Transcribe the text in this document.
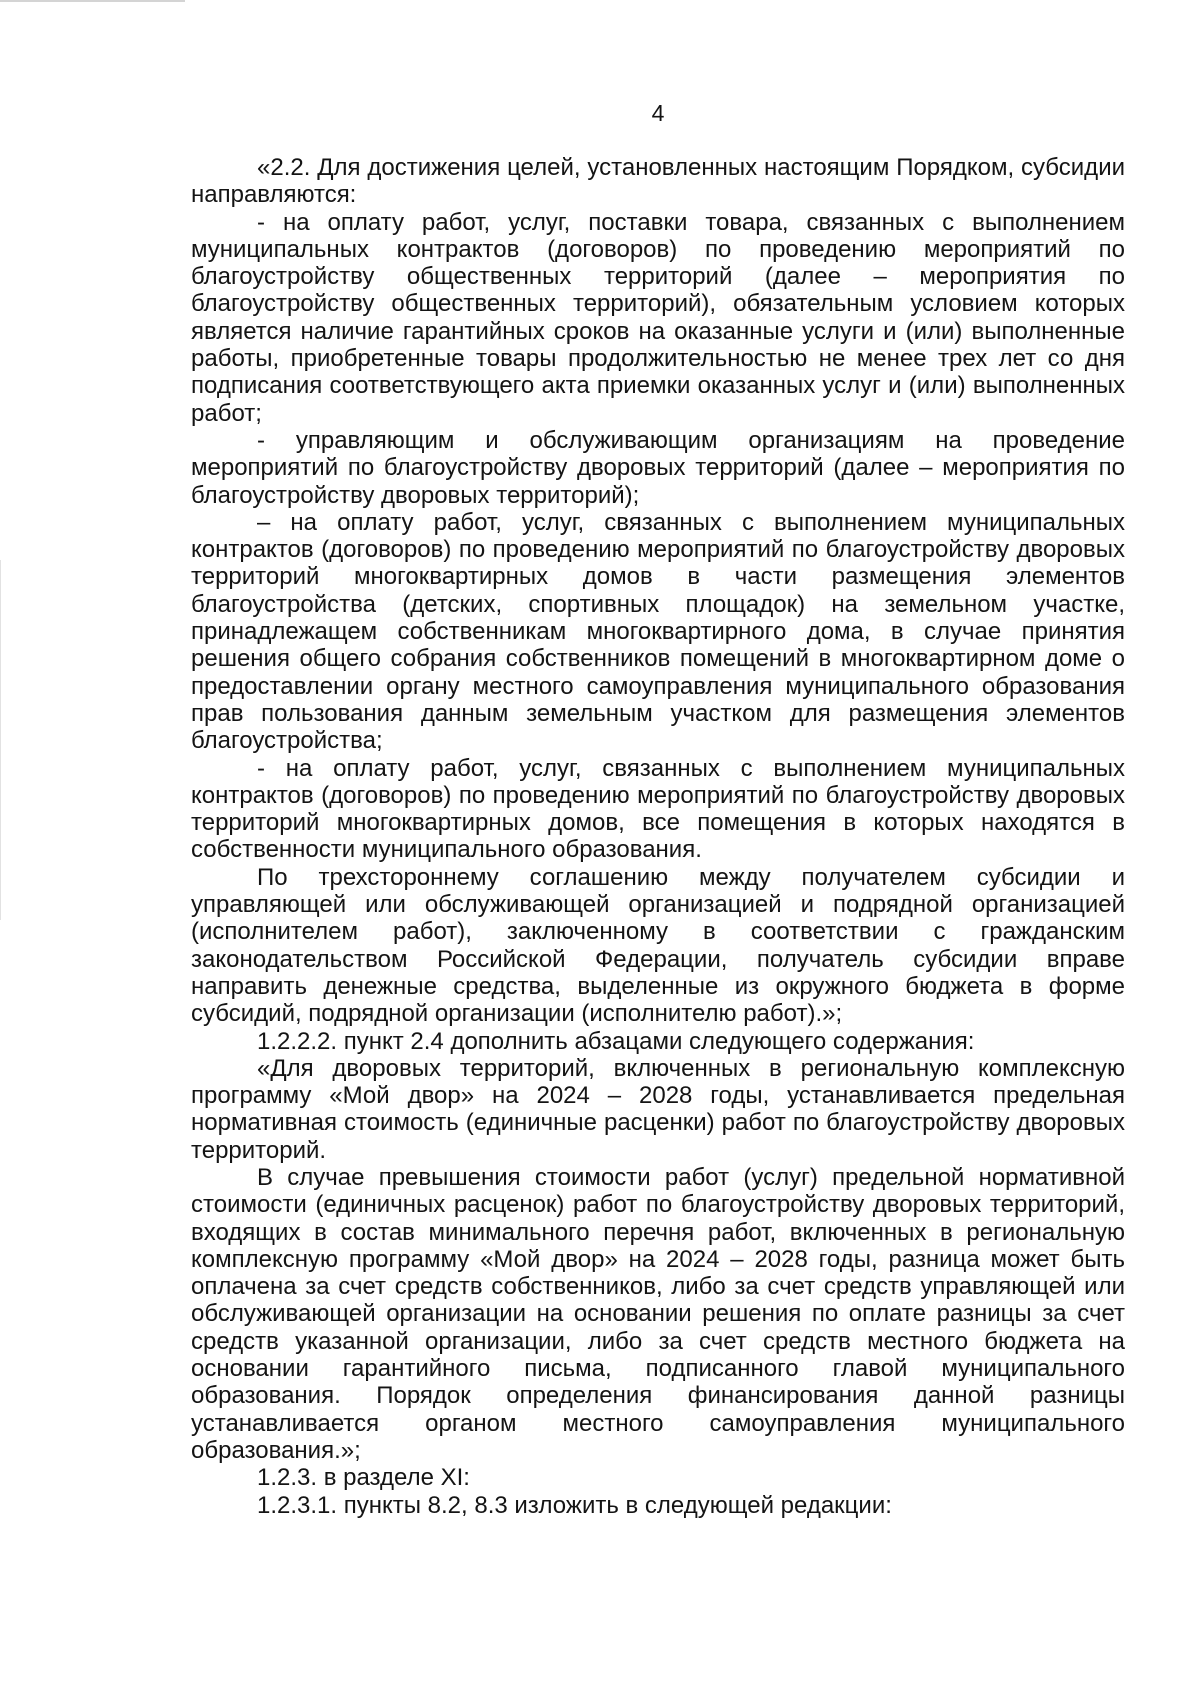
4

«2.2. Для достижения целей, установленных настоящим Порядком, субсидии направляются:

- на оплату работ, услуг, поставки товара, связанных с выполнением муниципальных контрактов (договоров) по проведению мероприятий по благоустройству общественных территорий (далее – мероприятия по благоустройству общественных территорий), обязательным условием которых является наличие гарантийных сроков на оказанные услуги и (или) выполненные работы, приобретенные товары продолжительностью не менее трех лет со дня подписания соответствующего акта приемки оказанных услуг и (или) выполненных работ;

- управляющим и обслуживающим организациям на проведение мероприятий по благоустройству дворовых территорий (далее – мероприятия по благоустройству дворовых территорий);

– на оплату работ, услуг, связанных с выполнением муниципальных контрактов (договоров) по проведению мероприятий по благоустройству дворовых территорий многоквартирных домов в части размещения элементов благоустройства (детских, спортивных площадок) на земельном участке, принадлежащем собственникам многоквартирного дома, в случае принятия решения общего собрания собственников помещений в многоквартирном доме о предоставлении органу местного самоуправления муниципального образования прав пользования данным земельным участком для размещения элементов благоустройства;

- на оплату работ, услуг, связанных с выполнением муниципальных контрактов (договоров) по проведению мероприятий по благоустройству дворовых территорий многоквартирных домов, все помещения в которых находятся в собственности муниципального образования.

По трехстороннему соглашению между получателем субсидии и управляющей или обслуживающей организацией и подрядной организацией (исполнителем работ), заключенному в соответствии с гражданским законодательством Российской Федерации, получатель субсидии вправе направить денежные средства, выделенные из окружного бюджета в форме субсидий, подрядной организации (исполнителю работ).»;

1.2.2.2. пункт 2.4 дополнить абзацами следующего содержания:

«Для дворовых территорий, включенных в региональную комплексную программу «Мой двор» на 2024 – 2028 годы, устанавливается предельная нормативная стоимость (единичные расценки) работ по благоустройству дворовых территорий.

В случае превышения стоимости работ (услуг) предельной нормативной стоимости (единичных расценок) работ по благоустройству дворовых территорий, входящих в состав минимального перечня работ, включенных в региональную комплексную программу «Мой двор» на 2024 – 2028 годы, разница может быть оплачена за счет средств собственников, либо за счет средств управляющей или обслуживающей организации на основании решения по оплате разницы за счет средств указанной организации, либо за счет средств местного бюджета на основании гарантийного письма, подписанного главой муниципального образования. Порядок определения финансирования данной разницы устанавливается органом местного самоуправления муниципального образования.»;

1.2.3. в разделе XI:

1.2.3.1. пункты 8.2, 8.3 изложить в следующей редакции:
